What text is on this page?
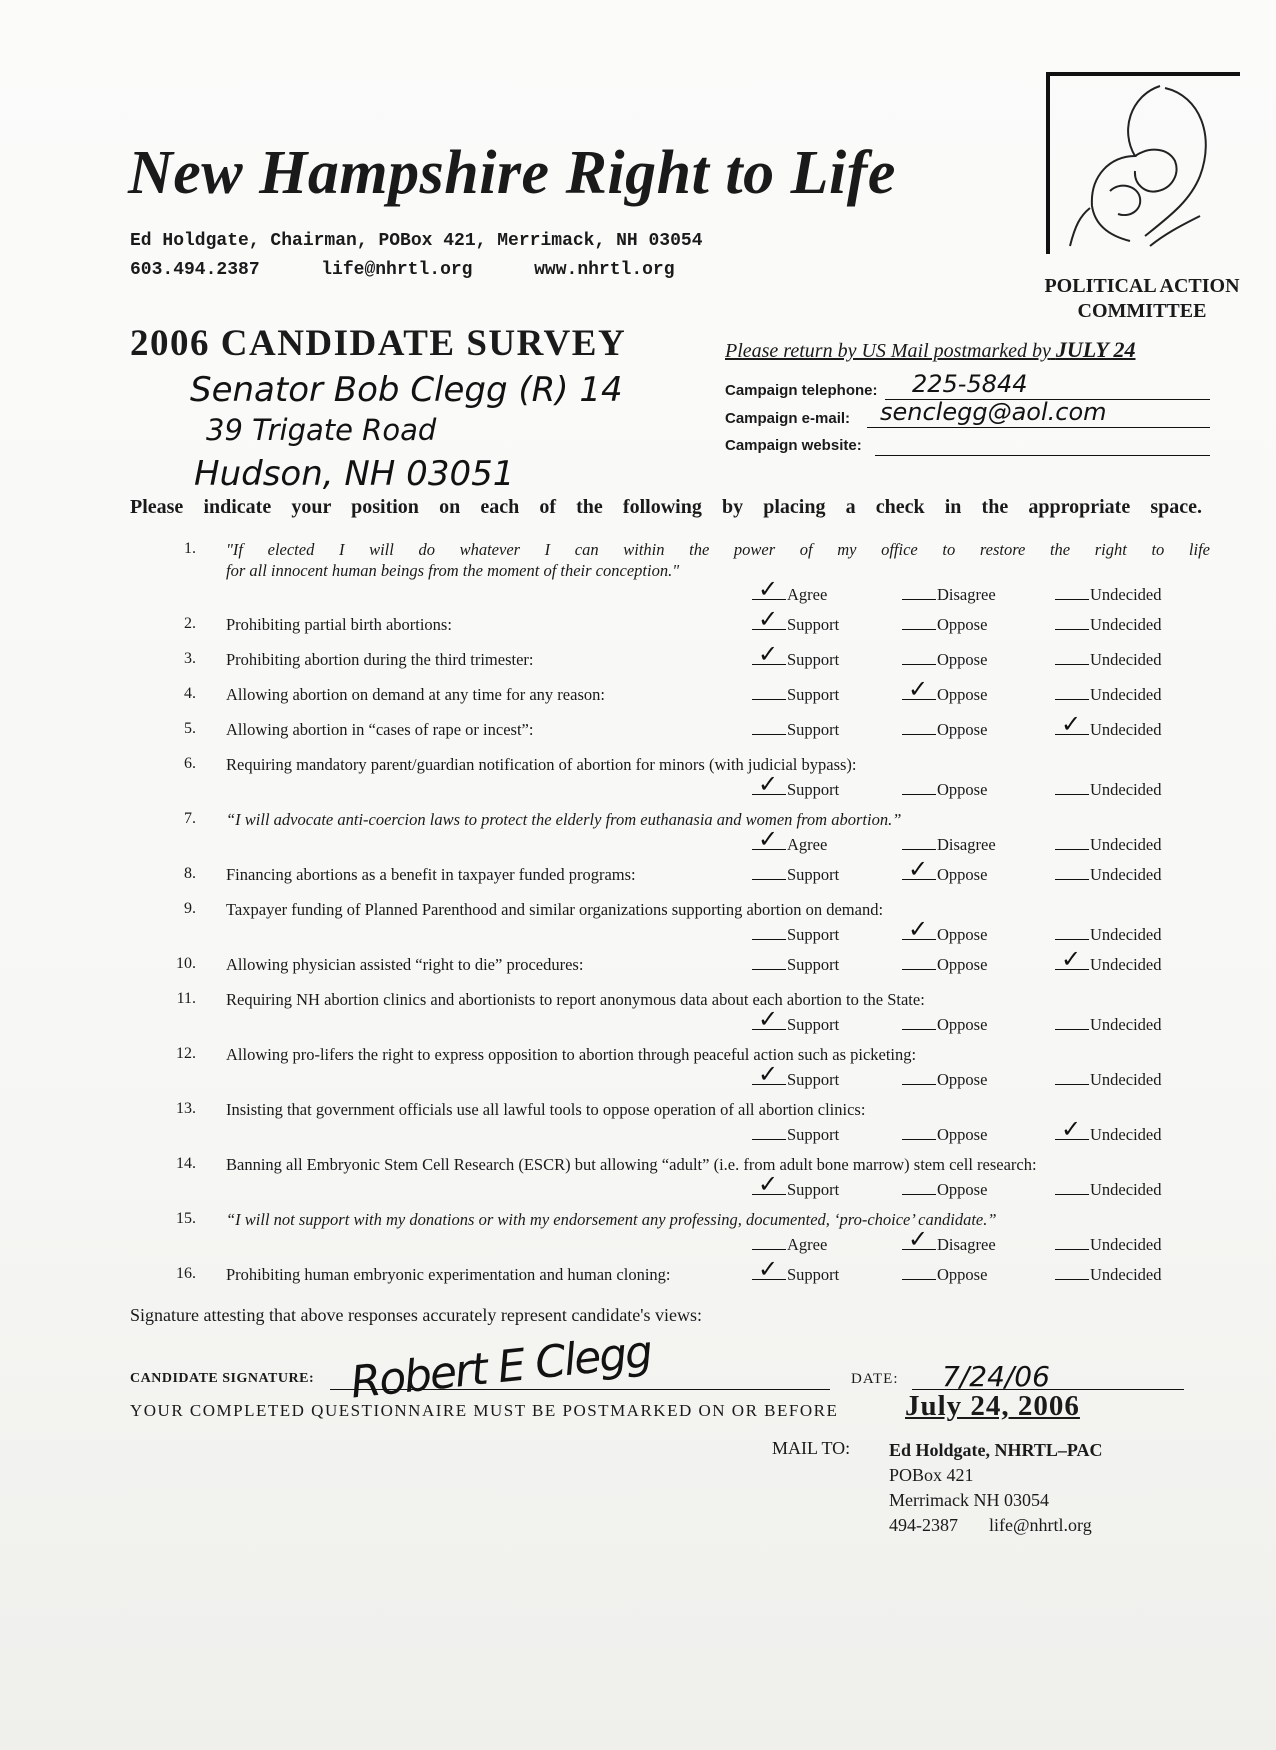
New Hampshire Right to Life
Ed Holdgate, Chairman, POBox 421, Merrimack, NH 03054
603.494.2387	life@nhrtl.org	www.nhrtl.org
POLITICAL ACTION
COMMITTEE
2006 CANDIDATE SURVEY	Please return by US Mail postmarked by JULY 24
Senator Bob Clegg (R) 14
39 Trigate Road
Hudson, NH 03051
Campaign telephone: 225-5844
Campaign e-mail: senclegg@aol.com
Campaign website:
Please indicate your position on each of the following by placing a check in the appropriate space.
1. "If elected I will do whatever I can within the power of my office to restore the right to life
for all innocent human beings from the moment of their conception."
✓ Agree	Disagree	Undecided
2. Prohibiting partial birth abortions:	✓ Support	Oppose	Undecided
3. Prohibiting abortion during the third trimester:	✓ Support	Oppose	Undecided
4. Allowing abortion on demand at any time for any reason:	Support	✓ Oppose	Undecided
5. Allowing abortion in “cases of rape or incest”:	Support	Oppose	✓ Undecided
6. Requiring mandatory parent/guardian notification of abortion for minors (with judicial bypass):
✓ Support	Oppose	Undecided
7. “I will advocate anti-coercion laws to protect the elderly from euthanasia and women from abortion.”
✓ Agree	Disagree	Undecided
8. Financing abortions as a benefit in taxpayer funded programs:	Support	✓ Oppose	Undecided
9. Taxpayer funding of Planned Parenthood and similar organizations supporting abortion on demand:
Support	✓ Oppose	Undecided
10. Allowing physician assisted “right to die” procedures:	Support	Oppose	✓ Undecided
11. Requiring NH abortion clinics and abortionists to report anonymous data about each abortion to the State:
✓ Support	Oppose	Undecided
12. Allowing pro-lifers the right to express opposition to abortion through peaceful action such as picketing:
✓ Support	Oppose	Undecided
13. Insisting that government officials use all lawful tools to oppose operation of all abortion clinics:
Support	Oppose	✓ Undecided
14. Banning all Embryonic Stem Cell Research (ESCR) but allowing “adult” (i.e. from adult bone marrow) stem cell research:
✓ Support	Oppose	Undecided
15. “I will not support with my donations or with my endorsement any professing, documented, ‘pro-choice’ candidate.”
Agree	✓ Disagree	Undecided
16. Prohibiting human embryonic experimentation and human cloning:	✓ Support	Oppose	Undecided
Signature attesting that above responses accurately represent candidate's views:
CANDIDATE SIGNATURE: Robert E Clegg	DATE: 7/24/06
YOUR COMPLETED QUESTIONNAIRE MUST BE POSTMARKED ON OR BEFORE July 24, 2006
MAIL TO: Ed Holdgate, NHRTL–PAC
POBox 421
Merrimack NH 03054
494-2387 life@nhrtl.org
